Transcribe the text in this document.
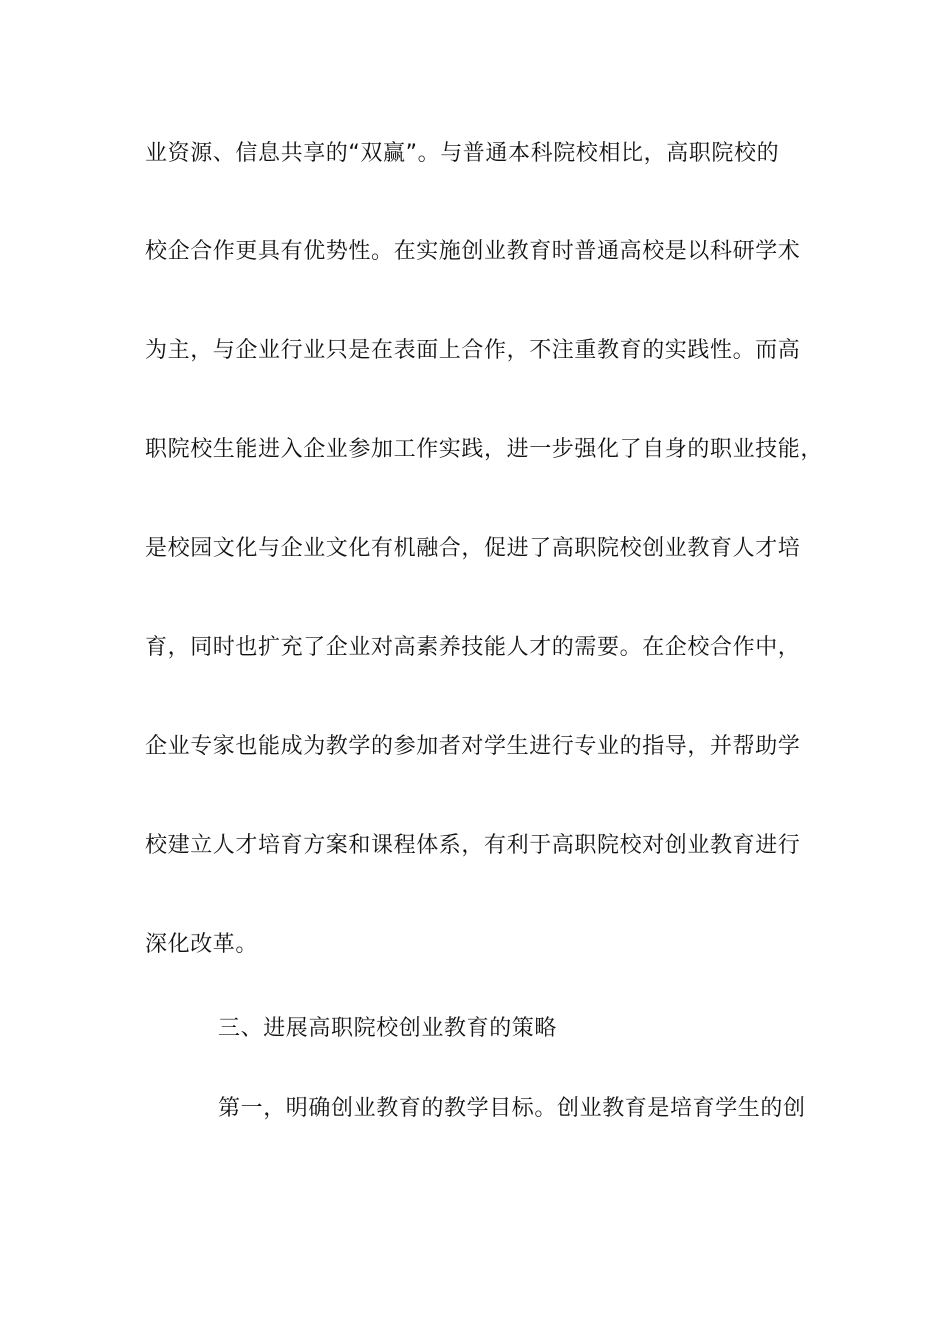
业资源、信息共享的“双赢”。与普通本科院校相比，高职院校的
校企合作更具有优势性。在实施创业教育时普通高校是以科研学术
为主，与企业行业只是在表面上合作，不注重教育的实践性。而高
职院校生能进入企业参加工作实践，进一步强化了自身的职业技能，
是校园文化与企业文化有机融合，促进了高职院校创业教育人才培
育，同时也扩充了企业对高素养技能人才的需要。在企校合作中，
企业专家也能成为教学的参加者对学生进行专业的指导，并帮助学
校建立人才培育方案和课程体系，有利于高职院校对创业教育进行
深化改革。
三、进展高职院校创业教育的策略
第一，明确创业教育的教学目标。创业教育是培育学生的创
